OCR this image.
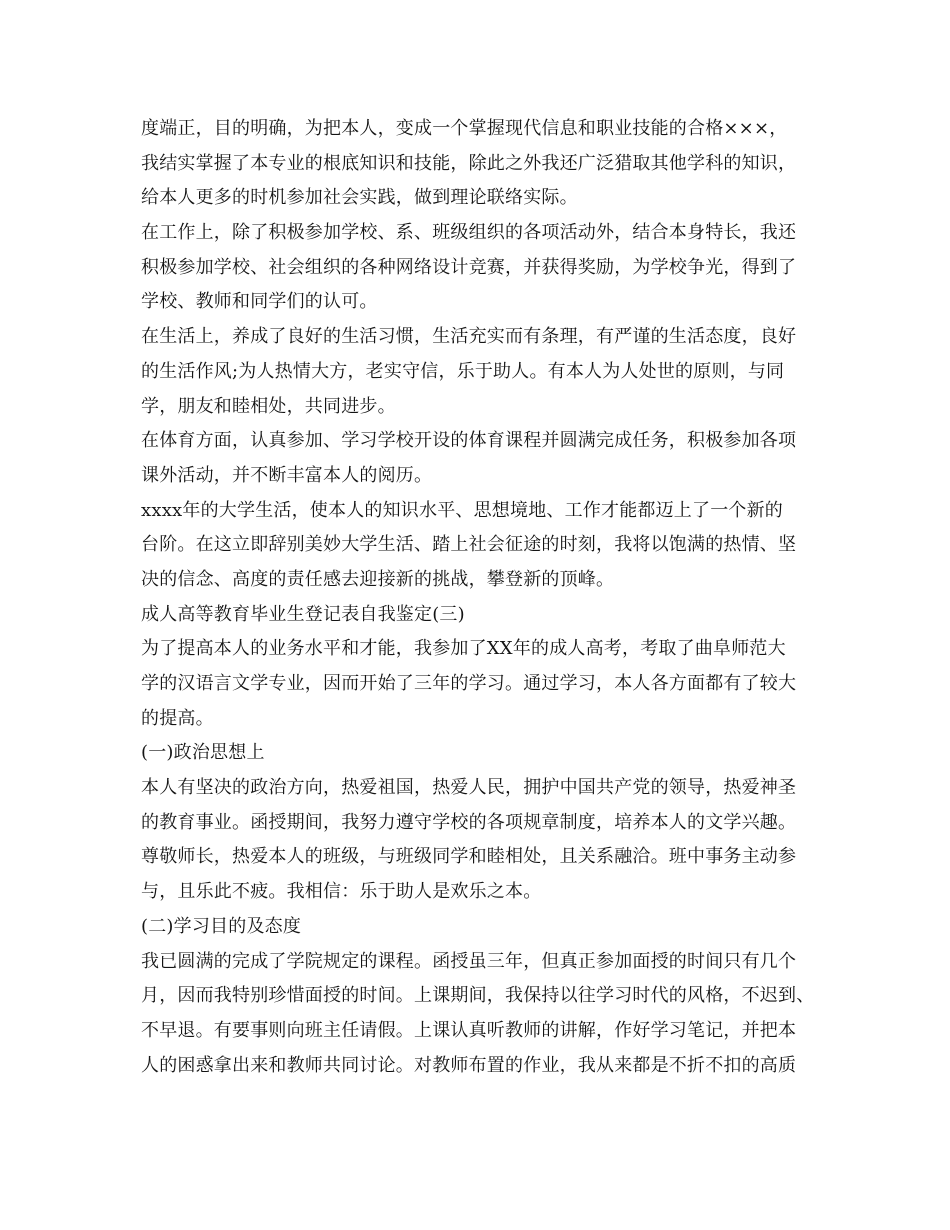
度端正，目的明确，为把本人，变成一个掌握现代信息和职业技能的合格×××，
我结实掌握了本专业的根底知识和技能，除此之外我还广泛猎取其他学科的知识，
给本人更多的时机参加社会实践，做到理论联络实际。
在工作上，除了积极参加学校、系、班级组织的各项活动外，结合本身特长，我还
积极参加学校、社会组织的各种网络设计竞赛，并获得奖励，为学校争光，得到了
学校、教师和同学们的认可。
在生活上，养成了良好的生活习惯，生活充实而有条理，有严谨的生活态度，良好
的生活作风;为人热情大方，老实守信，乐于助人。有本人为人处世的原则，与同
学，朋友和睦相处，共同进步。
在体育方面，认真参加、学习学校开设的体育课程并圆满完成任务，积极参加各项
课外活动，并不断丰富本人的阅历。
xxxx年的大学生活，使本人的知识水平、思想境地、工作才能都迈上了一个新的
台阶。在这立即辞别美妙大学生活、踏上社会征途的时刻，我将以饱满的热情、坚
决的信念、高度的责任感去迎接新的挑战，攀登新的顶峰。
成人高等教育毕业生登记表自我鉴定(三)
为了提高本人的业务水平和才能，我参加了XX年的成人高考，考取了曲阜师范大
学的汉语言文学专业，因而开始了三年的学习。通过学习，本人各方面都有了较大
的提高。
(一)政治思想上
本人有坚决的政治方向，热爱祖国，热爱人民，拥护中国共产党的领导，热爱神圣
的教育事业。函授期间，我努力遵守学校的各项规章制度，培养本人的文学兴趣。
尊敬师长，热爱本人的班级，与班级同学和睦相处，且关系融洽。班中事务主动参
与，且乐此不疲。我相信：乐于助人是欢乐之本。
(二)学习目的及态度
我已圆满的完成了学院规定的课程。函授虽三年，但真正参加面授的时间只有几个
月，因而我特别珍惜面授的时间。上课期间，我保持以往学习时代的风格，不迟到、
不早退。有要事则向班主任请假。上课认真听教师的讲解，作好学习笔记，并把本
人的困惑拿出来和教师共同讨论。对教师布置的作业，我从来都是不折不扣的高质
